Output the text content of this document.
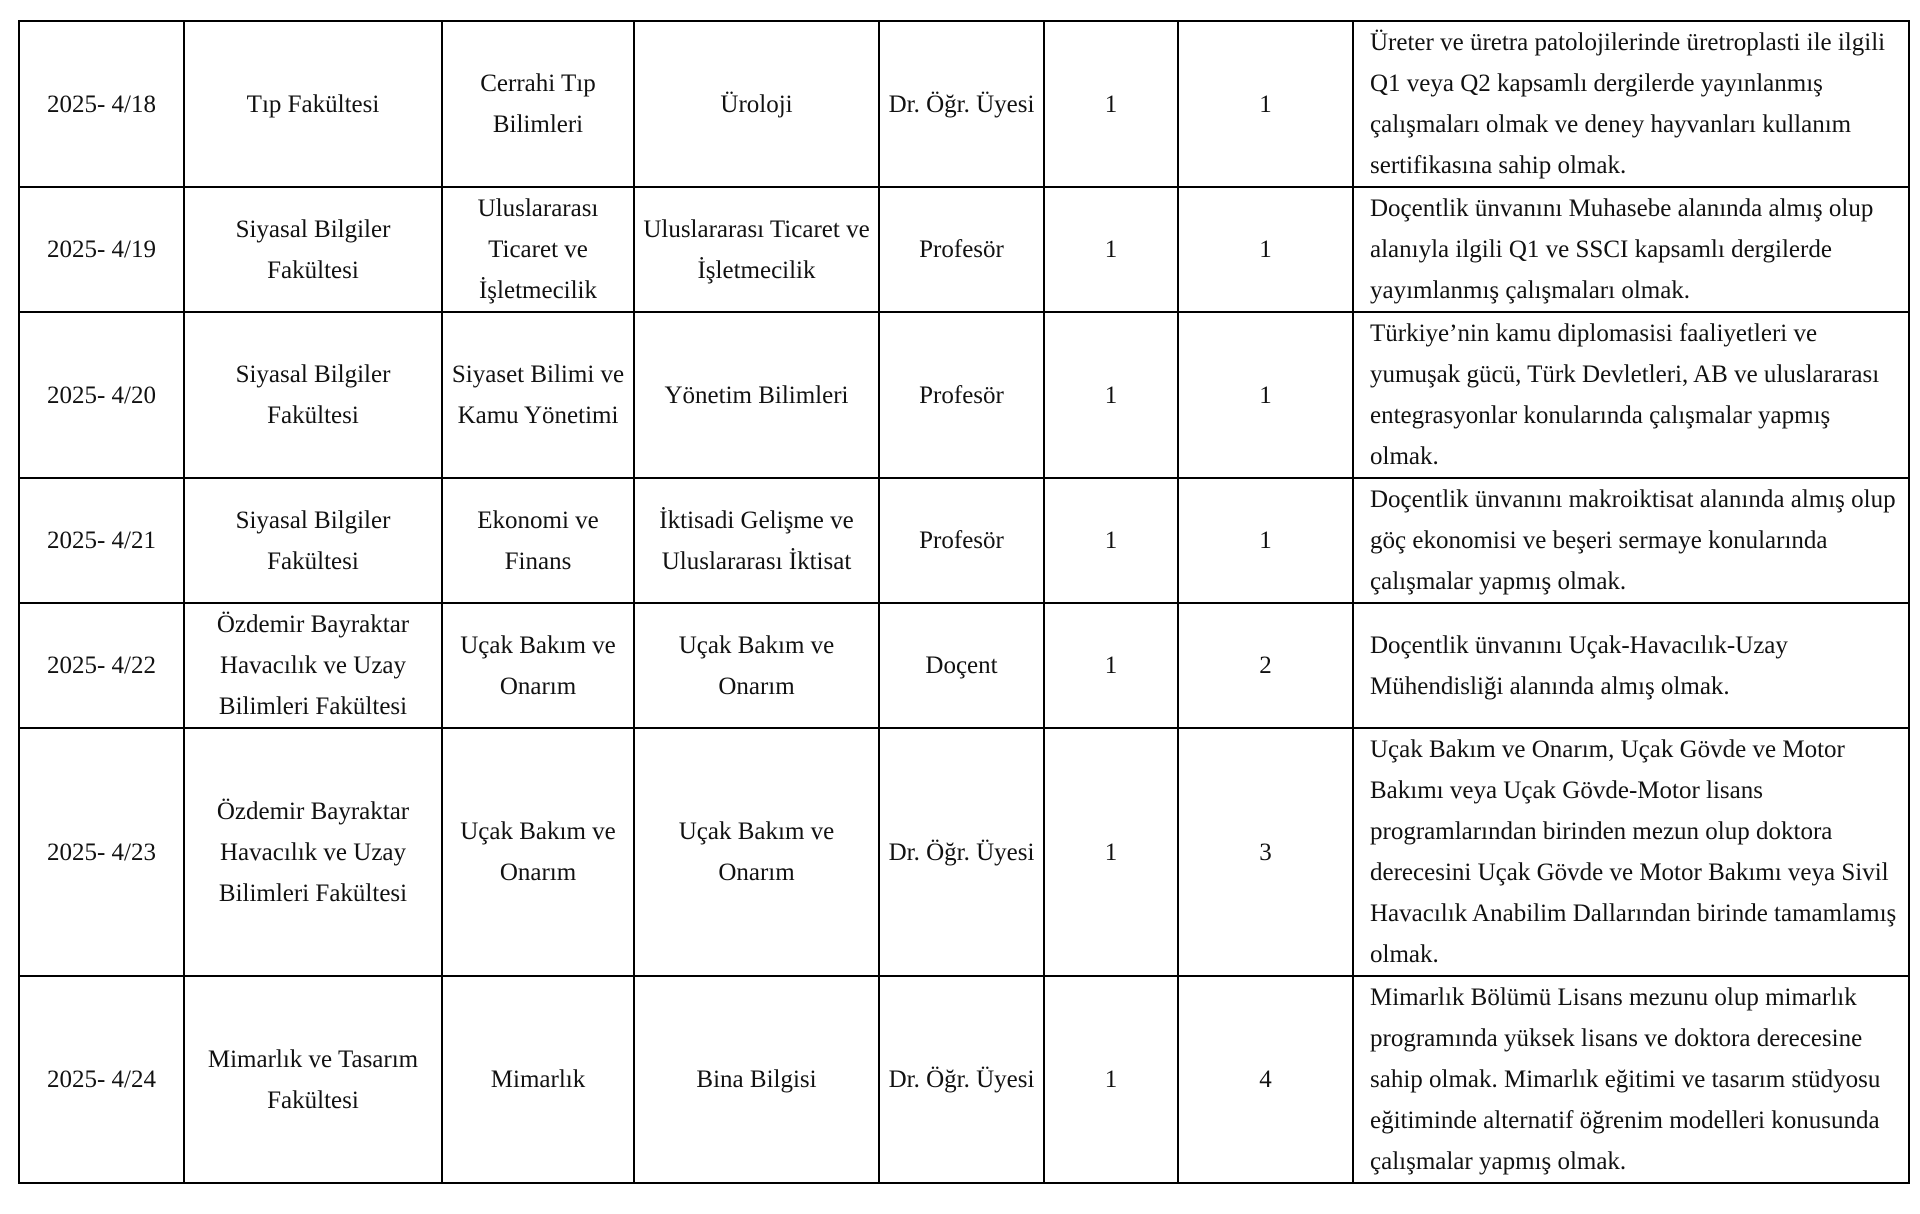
2025- 4/18	Tıp Fakültesi	Cerrahi Tıp Bilimleri	Üroloji	Dr. Öğr. Üyesi	1	1	Üreter ve üretra patolojilerinde üretroplasti ile ilgili Q1 veya Q2 kapsamlı dergilerde yayınlanmış çalışmaları olmak ve deney hayvanları kullanım sertifikasına sahip olmak.
2025- 4/19	Siyasal Bilgiler Fakültesi	Uluslararası Ticaret ve İşletmecilik	Uluslararası Ticaret ve İşletmecilik	Profesör	1	1	Doçentlik ünvanını Muhasebe alanında almış olup alanıyla ilgili Q1 ve SSCI kapsamlı dergilerde yayımlanmış çalışmaları olmak.
2025- 4/20	Siyasal Bilgiler Fakültesi	Siyaset Bilimi ve Kamu Yönetimi	Yönetim Bilimleri	Profesör	1	1	Türkiye’nin kamu diplomasisi faaliyetleri ve yumuşak gücü, Türk Devletleri, AB ve uluslararası entegrasyonlar konularında çalışmalar yapmış olmak.
2025- 4/21	Siyasal Bilgiler Fakültesi	Ekonomi ve Finans	İktisadi Gelişme ve Uluslararası İktisat	Profesör	1	1	Doçentlik ünvanını makroiktisat alanında almış olup göç ekonomisi ve beşeri sermaye konularında çalışmalar yapmış olmak.
2025- 4/22	Özdemir Bayraktar Havacılık ve Uzay Bilimleri Fakültesi	Uçak Bakım ve Onarım	Uçak Bakım ve Onarım	Doçent	1	2	Doçentlik ünvanını Uçak-Havacılık-Uzay Mühendisliği alanında almış olmak.
2025- 4/23	Özdemir Bayraktar Havacılık ve Uzay Bilimleri Fakültesi	Uçak Bakım ve Onarım	Uçak Bakım ve Onarım	Dr. Öğr. Üyesi	1	3	Uçak Bakım ve Onarım, Uçak Gövde ve Motor Bakımı veya Uçak Gövde-Motor lisans programlarından birinden mezun olup doktora derecesini Uçak Gövde ve Motor Bakımı veya Sivil Havacılık Anabilim Dallarından birinde tamamlamış olmak.
2025- 4/24	Mimarlık ve Tasarım Fakültesi	Mimarlık	Bina Bilgisi	Dr. Öğr. Üyesi	1	4	Mimarlık Bölümü Lisans mezunu olup mimarlık programında yüksek lisans ve doktora derecesine sahip olmak. Mimarlık eğitimi ve tasarım stüdyosu eğitiminde alternatif öğrenim modelleri konusunda çalışmalar yapmış olmak.
